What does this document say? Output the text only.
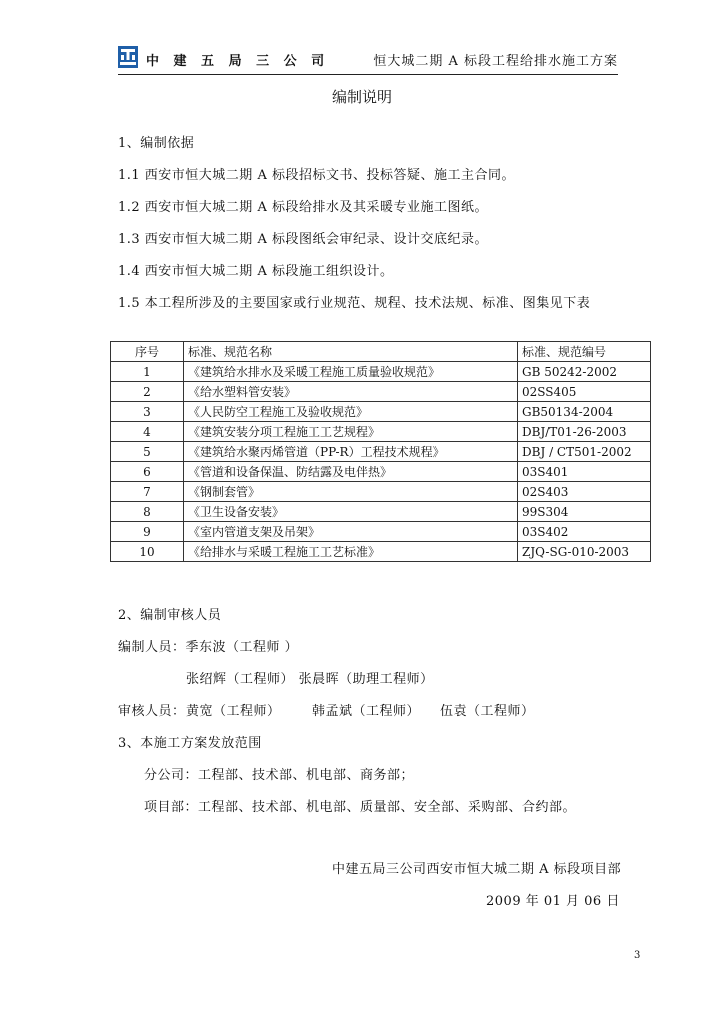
中 建 五 局 三 公 司	恒大城二期 A 标段工程给排水施工方案
编制说明
1、编制依据
1.1 西安市恒大城二期 A 标段招标文书、投标答疑、施工主合同。
1.2 西安市恒大城二期 A 标段给排水及其采暖专业施工图纸。
1.3 西安市恒大城二期 A 标段图纸会审纪录、设计交底纪录。
1.4 西安市恒大城二期 A 标段施工组织设计。
1.5 本工程所涉及的主要国家或行业规范、规程、技术法规、标准、图集见下表
序号	标准、规范名称	标准、规范编号
1	《建筑给水排水及采暖工程施工质量验收规范》	GB 50242-2002
2	《给水塑料管安装》	02SS405
3	《人民防空工程施工及验收规范》	GB50134-2004
4	《建筑安装分项工程施工工艺规程》	DBJ/T01-26-2003
5	《建筑给水聚丙烯管道（PP-R）工程技术规程》	DBJ / CT501-2002
6	《管道和设备保温、防结露及电伴热》	03S401
7	《钢制套管》	02S403
8	《卫生设备安装》	99S304
9	《室内管道支架及吊架》	03S402
10	《给排水与采暖工程施工工艺标准》	ZJQ-SG-010-2003
2、编制审核人员
编制人员：季东波（工程师 ）
张绍辉（工程师） 张晨晖（助理工程师）
审核人员： 黄宽（工程师） 韩孟斌（工程师） 伍袁（工程师）
3、本施工方案发放范围
分公司：工程部、技术部、机电部、商务部；
项目部：工程部、技术部、机电部、质量部、安全部、采购部、合约部。
中建五局三公司西安市恒大城二期 A 标段项目部
2009 年 01 月 06 日
3
